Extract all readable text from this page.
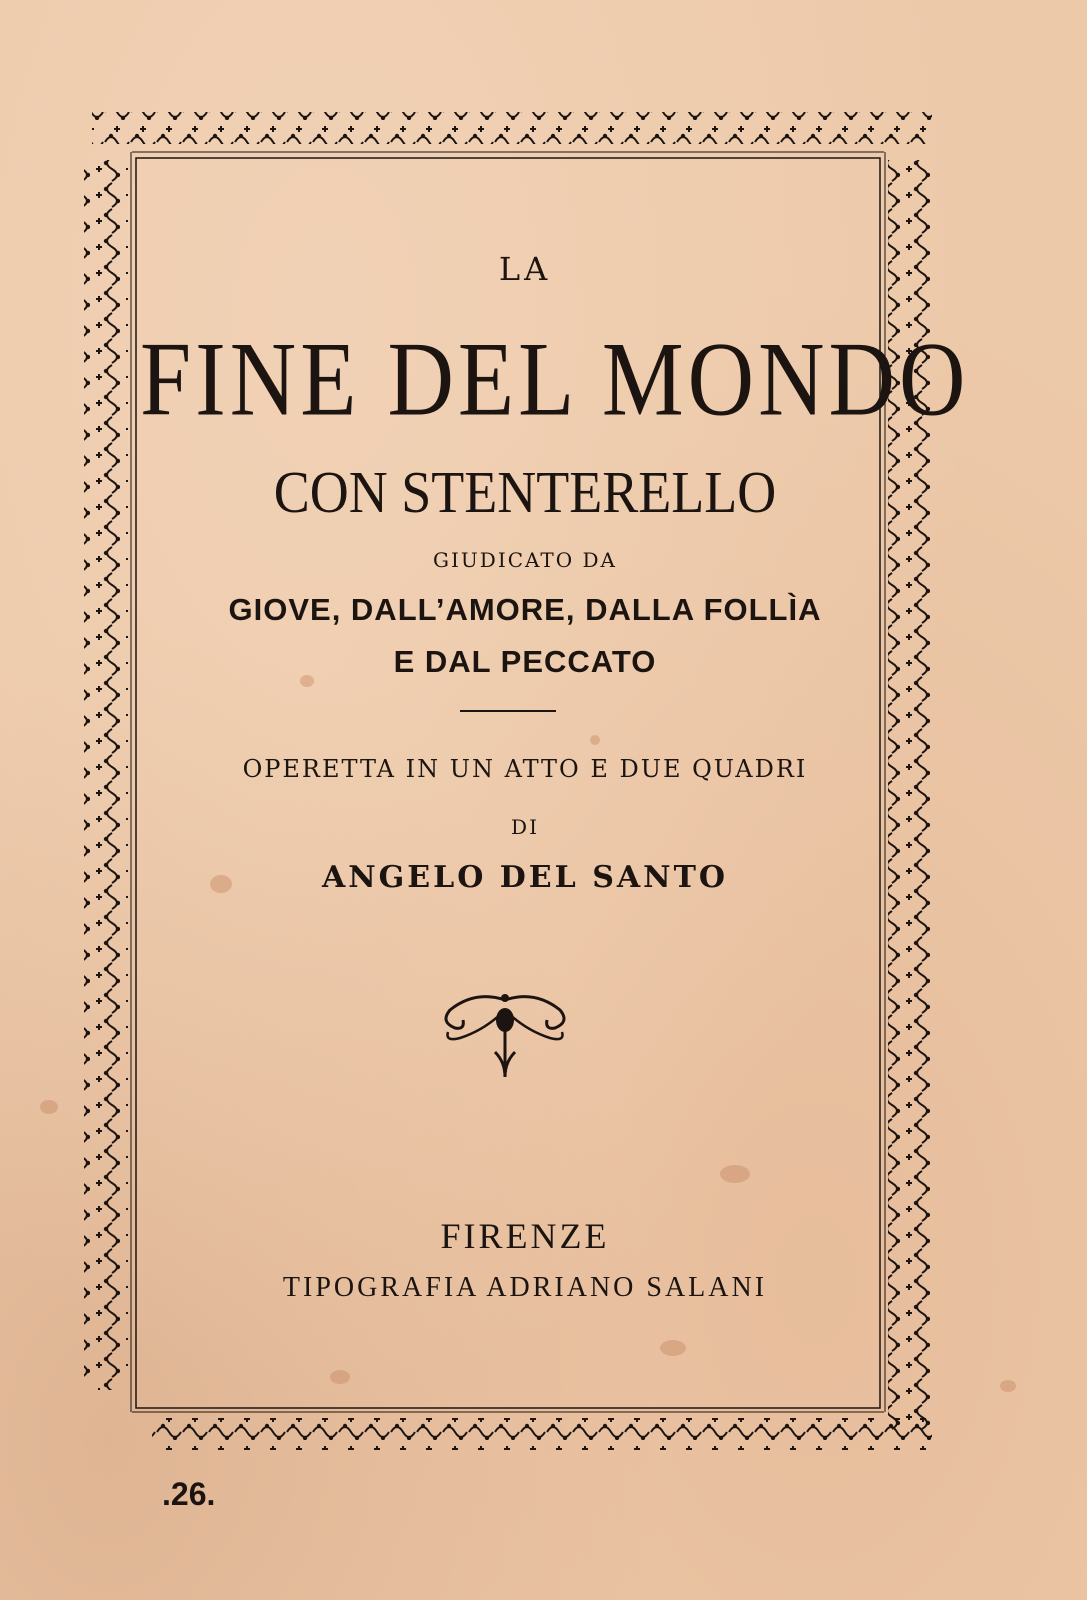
LA
FINE DEL MONDO
CON STENTERELLO
GIUDICATO DA
GIOVE, DALL’AMORE, DALLA FOLLÌA
E DAL PECCATO
OPERETTA IN UN ATTO E DUE QUADRI
DI
ANGELO DEL SANTO
FIRENZE
TIPOGRAFIA ADRIANO SALANI
.26.
